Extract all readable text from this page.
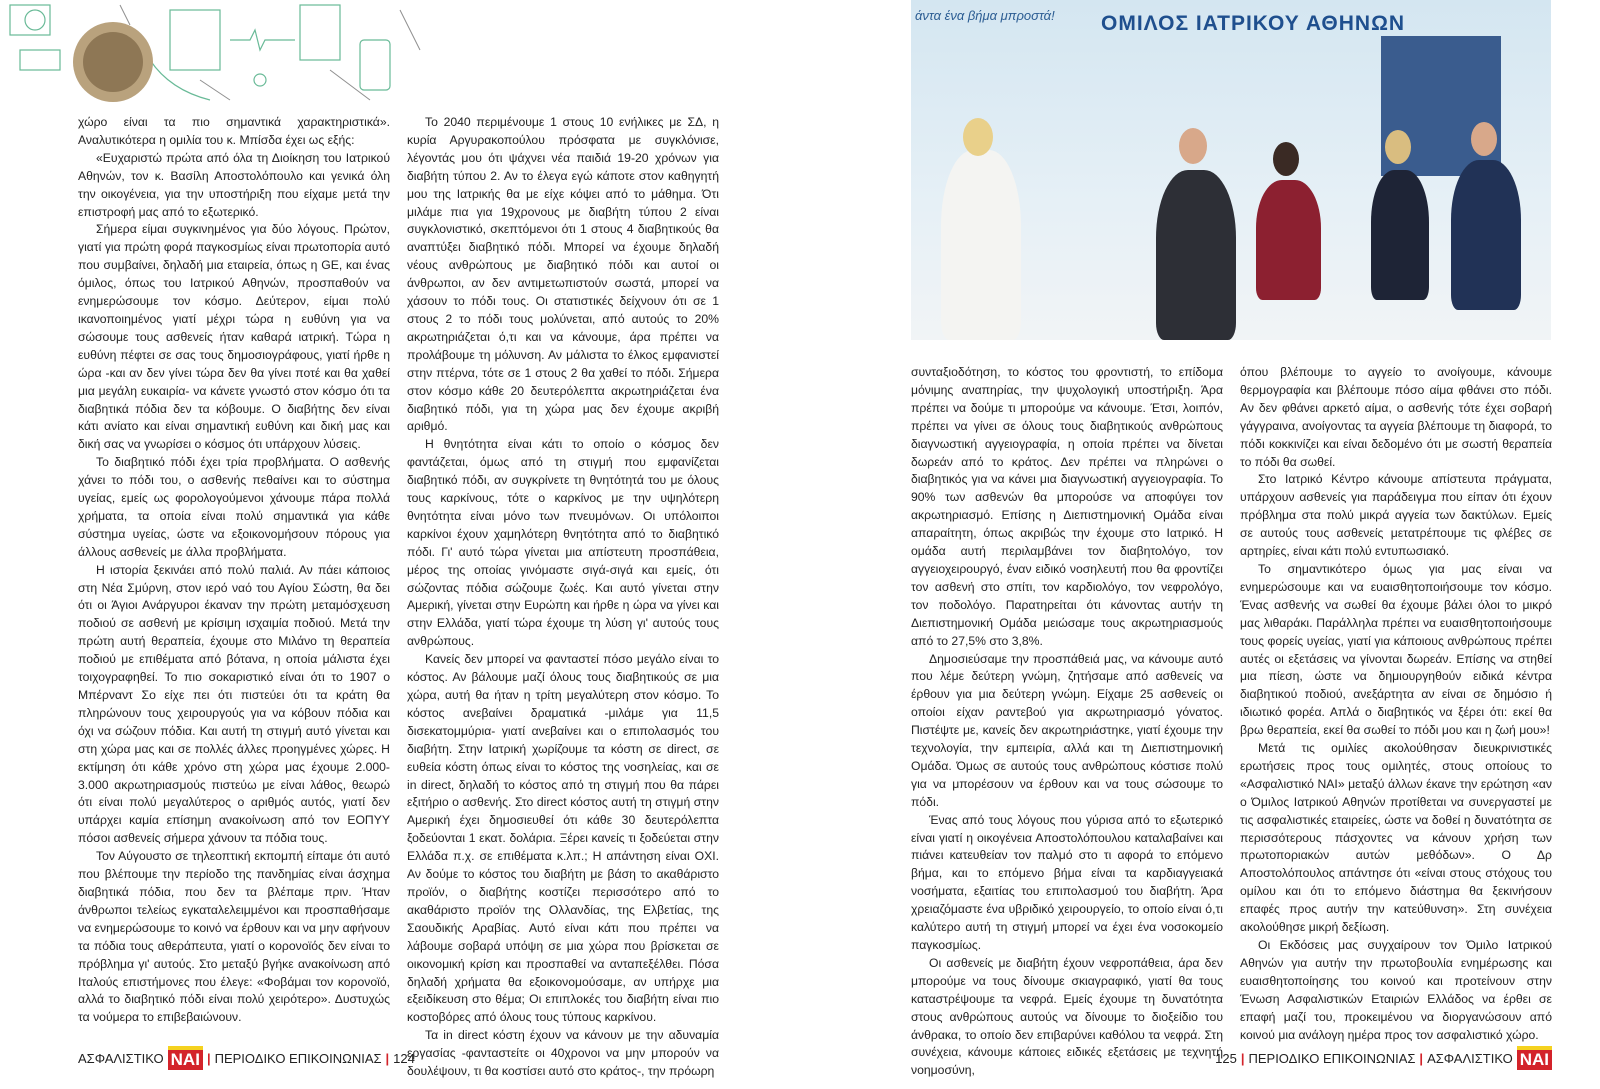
άντα ένα βήμα μπροστά! ΟΜΙΛΟΣ ΙΑΤΡΙΚΟΥ ΑΘΗΝΩΝ

χώρο είναι τα πιο σημαντικά χαρακτηριστικά». Αναλυτικότερα η ομιλία του κ. Μπίσδα έχει ως εξής:

«Ευχαριστώ πρώτα από όλα τη Διοίκηση του Ιατρικού Αθηνών, τον κ. Βασίλη Αποστολόπουλο και γενικά όλη την οικογένεια, για την υποστήριξη που είχαμε μετά την επιστροφή μας από το εξωτερικό.

Σήμερα είμαι συγκινημένος για δύο λόγους. Πρώτον, γιατί για πρώτη φορά παγκοσμίως είναι πρωτοπορία αυτό που συμβαίνει, δηλαδή μια εταιρεία, όπως η GE, και ένας όμιλος, όπως του Ιατρικού Αθηνών, προσπαθούν να ενημερώσουμε τον κόσμο. Δεύτερον, είμαι πολύ ικανοποιημένος γιατί μέχρι τώρα η ευθύνη για να σώσουμε τους ασθενείς ήταν καθαρά ιατρική. Τώρα η ευθύνη πέφτει σε σας τους δημοσιογράφους, γιατί ήρθε η ώρα -και αν δεν γίνει τώρα δεν θα γίνει ποτέ και θα χαθεί μια μεγάλη ευκαιρία- να κάνετε γνωστό στον κόσμο ότι τα διαβητικά πόδια δεν τα κόβουμε. Ο διαβήτης δεν είναι κάτι ανίατο και είναι σημαντική ευθύνη και δική μας και δική σας να γνωρίσει ο κόσμος ότι υπάρχουν λύσεις.

Το διαβητικό πόδι έχει τρία προβλήματα. Ο ασθενής χάνει το πόδι του, ο ασθενής πεθαίνει και το σύστημα υγείας, εμείς ως φορολογούμενοι χάνουμε πάρα πολλά χρήματα, τα οποία είναι πολύ σημαντικά για κάθε σύστημα υγείας, ώστε να εξοικονομήσουν πόρους για άλλους ασθενείς με άλλα προβλήματα.

Η ιστορία ξεκινάει από πολύ παλιά. Αν πάει κάποιος στη Νέα Σμύρνη, στον ιερό ναό του Αγίου Σώστη, θα δει ότι οι Άγιοι Ανάργυροι έκαναν την πρώτη μεταμόσχευση ποδιού σε ασθενή με κρίσιμη ισχαιμία ποδιού. Μετά την πρώτη αυτή θεραπεία, έχουμε στο Μιλάνο τη θεραπεία ποδιού με επιθέματα από βότανα, η οποία μάλιστα έχει τοιχογραφηθεί. Το πιο σοκαριστικό είναι ότι το 1907 ο Μπέρναντ Σο είχε πει ότι πιστεύει ότι τα κράτη θα πληρώνουν τους χειρουργούς για να κόβουν πόδια και όχι να σώζουν πόδια. Και αυτή τη στιγμή αυτό γίνεται και στη χώρα μας και σε πολλές άλλες προηγμένες χώρες. Η εκτίμηση ότι κάθε χρόνο στη χώρα μας έχουμε 2.000-3.000 ακρωτηριασμούς πιστεύω με είναι λάθος, θεωρώ ότι είναι πολύ μεγαλύτερος ο αριθμός αυτός, γιατί δεν υπάρχει καμία επίσημη ανακοίνωση από τον ΕΟΠΥΥ πόσοι ασθενείς σήμερα χάνουν τα πόδια τους.

Τον Αύγουστο σε τηλεοπτική εκπομπή είπαμε ότι αυτό που βλέπουμε την περίοδο της πανδημίας είναι άσχημα διαβητικά πόδια, που δεν τα βλέπαμε πριν. Ήταν άνθρωποι τελείως εγκαταλελειμμένοι και προσπαθήσαμε να ενημερώσουμε το κοινό να έρθουν και να μην αφήνουν τα πόδια τους αθεράπευτα, γιατί ο κορονοϊός δεν είναι το πρόβλημα γι' αυτούς. Στο μεταξύ βγήκε ανακοίνωση από Ιταλούς επιστήμονες που έλεγε: «Φοβάμαι τον κορονοϊό, αλλά το διαβητικό πόδι είναι πολύ χειρότερο». Δυστυχώς τα νούμερα το επιβεβαιώνουν.

Το 2040 περιμένουμε 1 στους 10 ενήλικες με ΣΔ, η κυρία Αργυρακοπούλου πρόσφατα με συγκλόνισε, λέγοντάς μου ότι ψάχνει νέα παιδιά 19-20 χρόνων για διαβήτη τύπου 2. Αν το έλεγα εγώ κάποτε στον καθηγητή μου της Ιατρικής θα με είχε κόψει από το μάθημα. Ότι μιλάμε πια για 19χρονους με διαβήτη τύπου 2 είναι συγκλονιστικό, σκεπτόμενοι ότι 1 στους 4 διαβητικούς θα αναπτύξει διαβητικό πόδι. Μπορεί να έχουμε δηλαδή νέους ανθρώπους με διαβητικό πόδι και αυτοί οι άνθρωποι, αν δεν αντιμετωπιστούν σωστά, μπορεί να χάσουν το πόδι τους. Οι στατιστικές δείχνουν ότι σε 1 στους 2 το πόδι τους μολύνεται, από αυτούς το 20% ακρωτηριάζεται ό,τι και να κάνουμε, άρα πρέπει να προλάβουμε τη μόλυνση. Αν μάλιστα το έλκος εμφανιστεί στην πτέρνα, τότε σε 1 στους 2 θα χαθεί το πόδι. Σήμερα στον κόσμο κάθε 20 δευτερόλεπτα ακρωτηριάζεται ένα διαβητικό πόδι, για τη χώρα μας δεν έχουμε ακριβή αριθμό.

Η θνητότητα είναι κάτι το οποίο ο κόσμος δεν φαντάζεται, όμως από τη στιγμή που εμφανίζεται διαβητικό πόδι, αν συγκρίνετε τη θνητότητά του με όλους τους καρκίνους, τότε ο καρκίνος με την υψηλότερη θνητότητα είναι μόνο των πνευμόνων. Οι υπόλοιποι καρκίνοι έχουν χαμηλότερη θνητότητα από το διαβητικό πόδι. Γι' αυτό τώρα γίνεται μια απίστευτη προσπάθεια, μέρος της οποίας γινόμαστε σιγά-σιγά και εμείς, ότι σώζοντας πόδια σώζουμε ζωές. Και αυτό γίνεται στην Αμερική, γίνεται στην Ευρώπη και ήρθε η ώρα να γίνει και στην Ελλάδα, γιατί τώρα έχουμε τη λύση γι' αυτούς τους ανθρώπους.

Κανείς δεν μπορεί να φανταστεί πόσο μεγάλο είναι το κόστος. Αν βάλουμε μαζί όλους τους διαβητικούς σε μια χώρα, αυτή θα ήταν η τρίτη μεγαλύτερη στον κόσμο. Το κόστος ανεβαίνει δραματικά -μιλάμε για 11,5 δισεκατομμύρια- γιατί ανεβαίνει και ο επιπολασμός του διαβήτη. Στην Ιατρική χωρίζουμε τα κόστη σε direct, σε ευθεία κόστη όπως είναι το κόστος της νοσηλείας, και σε in direct, δηλαδή το κόστος από τη στιγμή που θα πάρει εξιτήριο ο ασθενής. Στο direct κόστος αυτή τη στιγμή στην Αμερική έχει δημοσιευθεί ότι κάθε 30 δευτερόλεπτα ξοδεύονται 1 εκατ. δολάρια. Ξέρει κανείς τι ξοδεύεται στην Ελλάδα π.χ. σε επιθέματα κ.λπ.; Η απάντηση είναι ΟΧΙ. Αν δούμε το κόστος του διαβήτη με βάση το ακαθάριστο προϊόν, ο διαβήτης κοστίζει περισσότερο από το ακαθάριστο προϊόν της Ολλανδίας, της Ελβετίας, της Σαουδικής Αραβίας. Αυτό είναι κάτι που πρέπει να λάβουμε σοβαρά υπόψη σε μια χώρα που βρίσκεται σε οικονομική κρίση και προσπαθεί να ανταπεξέλθει. Πόσα δηλαδή χρήματα θα εξοικονομούσαμε, αν υπήρχε μια εξειδίκευση στο θέμα; Οι επιπλοκές του διαβήτη είναι πιο κοστοβόρες από όλους τους τύπους καρκίνου.

Τα in direct κόστη έχουν να κάνουν με την αδυναμία εργασίας -φανταστείτε οι 40χρονοι να μην μπορούν να δουλέψουν, τι θα κοστίσει αυτό στο κράτος-, την πρόωρη

συνταξιοδότηση, το κόστος του φροντιστή, το επίδομα μόνιμης αναπηρίας, την ψυχολογική υποστήριξη. Άρα πρέπει να δούμε τι μπορούμε να κάνουμε. Έτσι, λοιπόν, πρέπει να γίνει σε όλους τους διαβητικούς ανθρώπους διαγνωστική αγγειογραφία, η οποία πρέπει να δίνεται δωρεάν από το κράτος. Δεν πρέπει να πληρώνει ο διαβητικός για να κάνει μια διαγνωστική αγγειογραφία. Το 90% των ασθενών θα μπορούσε να αποφύγει τον ακρωτηριασμό. Επίσης η Διεπιστημονική Ομάδα είναι απαραίτητη, όπως ακριβώς την έχουμε στο Ιατρικό. Η ομάδα αυτή περιλαμβάνει τον διαβητολόγο, τον αγγειοχειρουργό, έναν ειδικό νοσηλευτή που θα φροντίζει τον ασθενή στο σπίτι, τον καρδιολόγο, τον νεφρολόγο, τον ποδολόγο. Παρατηρείται ότι κάνοντας αυτήν τη Διεπιστημονική Ομάδα μειώσαμε τους ακρωτηριασμούς από το 27,5% στο 3,8%.

Δημοσιεύσαμε την προσπάθειά μας, να κάνουμε αυτό που λέμε δεύτερη γνώμη, ζητήσαμε από ασθενείς να έρθουν για μια δεύτερη γνώμη. Είχαμε 25 ασθενείς οι οποίοι είχαν ραντεβού για ακρωτηριασμό γόνατος. Πιστέψτε με, κανείς δεν ακρωτηριάστηκε, γιατί έχουμε την τεχνολογία, την εμπειρία, αλλά και τη Διεπιστημονική Ομάδα. Όμως σε αυτούς τους ανθρώπους κόστισε πολύ για να μπορέσουν να έρθουν και να τους σώσουμε το πόδι.

Ένας από τους λόγους που γύρισα από το εξωτερικό είναι γιατί η οικογένεια Αποστολόπουλου καταλαβαίνει και πιάνει κατευθείαν τον παλμό στο τι αφορά το επόμενο βήμα, και το επόμενο βήμα είναι τα καρδιαγγειακά νοσήματα, εξαιτίας του επιπολασμού του διαβήτη. Άρα χρειαζόμαστε ένα υβριδικό χειρουργείο, το οποίο είναι ό,τι καλύτερο αυτή τη στιγμή μπορεί να έχει ένα νοσοκομείο παγκοσμίως.

Οι ασθενείς με διαβήτη έχουν νεφροπάθεια, άρα δεν μπορούμε να τους δίνουμε σκιαγραφικό, γιατί θα τους καταστρέψουμε τα νεφρά. Εμείς έχουμε τη δυνατότητα στους ανθρώπους αυτούς να δίνουμε το διοξείδιο του άνθρακα, το οποίο δεν επιβαρύνει καθόλου τα νεφρά. Στη συνέχεια, κάνουμε κάποιες ειδικές εξετάσεις με τεχνητή νοημοσύνη,

όπου βλέπουμε το αγγείο το ανοίγουμε, κάνουμε θερμογραφία και βλέπουμε πόσο αίμα φθάνει στο πόδι. Αν δεν φθάνει αρκετό αίμα, ο ασθενής τότε έχει σοβαρή γάγγραινα, ανοίγοντας τα αγγεία βλέπουμε τη διαφορά, το πόδι κοκκινίζει και είναι δεδομένο ότι με σωστή θεραπεία το πόδι θα σωθεί.

Στο Ιατρικό Κέντρο κάνουμε απίστευτα πράγματα, υπάρχουν ασθενείς για παράδειγμα που είπαν ότι έχουν πρόβλημα στα πολύ μικρά αγγεία των δακτύλων. Εμείς σε αυτούς τους ασθενείς μετατρέπουμε τις φλέβες σε αρτηρίες, είναι κάτι πολύ εντυπωσιακό.

Το σημαντικότερο όμως για μας είναι να ενημερώσουμε και να ευαισθητοποιήσουμε τον κόσμο. Ένας ασθενής να σωθεί θα έχουμε βάλει όλοι το μικρό μας λιθαράκι. Παράλληλα πρέπει να ευαισθητοποιήσουμε τους φορείς υγείας, γιατί για κάποιους ανθρώπους πρέπει αυτές οι εξετάσεις να γίνονται δωρεάν. Επίσης να στηθεί μια πίεση, ώστε να δημιουργηθούν ειδικά κέντρα διαβητικού ποδιού, ανεξάρτητα αν είναι σε δημόσιο ή ιδιωτικό φορέα. Απλά ο διαβητικός να ξέρει ότι: εκεί θα βρω θεραπεία, εκεί θα σωθεί το πόδι μου και η ζωή μου»!

Μετά τις ομιλίες ακολούθησαν διευκρινιστικές ερωτήσεις προς τους ομιλητές, στους οποίους το «Ασφαλιστικό ΝΑΙ» μεταξύ άλλων έκανε την ερώτηση «αν ο Όμιλος Ιατρικού Αθηνών προτίθεται να συνεργαστεί με τις ασφαλιστικές εταιρείες, ώστε να δοθεί η δυνατότητα σε περισσότερους πάσχοντες να κάνουν χρήση των πρωτοποριακών αυτών μεθόδων». Ο Δρ Αποστολόπουλος απάντησε ότι «είναι στους στόχους του ομίλου και ότι το επόμενο διάστημα θα ξεκινήσουν επαφές προς αυτήν την κατεύθυνση». Στη συνέχεια ακολούθησε μικρή δεξίωση.

Οι Εκδόσεις μας συγχαίρουν τον Όμιλο Ιατρικού Αθηνών για αυτήν την πρωτοβουλία ενημέρωσης και ευαισθητοποίησης του κοινού και προτείνουν στην Ένωση Ασφαλιστικών Εταιριών Ελλάδος να έρθει σε επαφή μαζί του, προκειμένου να διοργανώσουν από κοινού μια ανάλογη ημέρα προς τον ασφαλιστικό χώρο.

ΑΣΦΑΛΙΣΤΙΚΟ ΝΑΙ | ΠΕΡΙΟΔΙΚΟ ΕΠΙΚΟΙΝΩΝΙΑΣ | 124	125 | ΠΕΡΙΟΔΙΚΟ ΕΠΙΚΟΙΝΩΝΙΑΣ | ΑΣΦΑΛΙΣΤΙΚΟ ΝΑΙ
